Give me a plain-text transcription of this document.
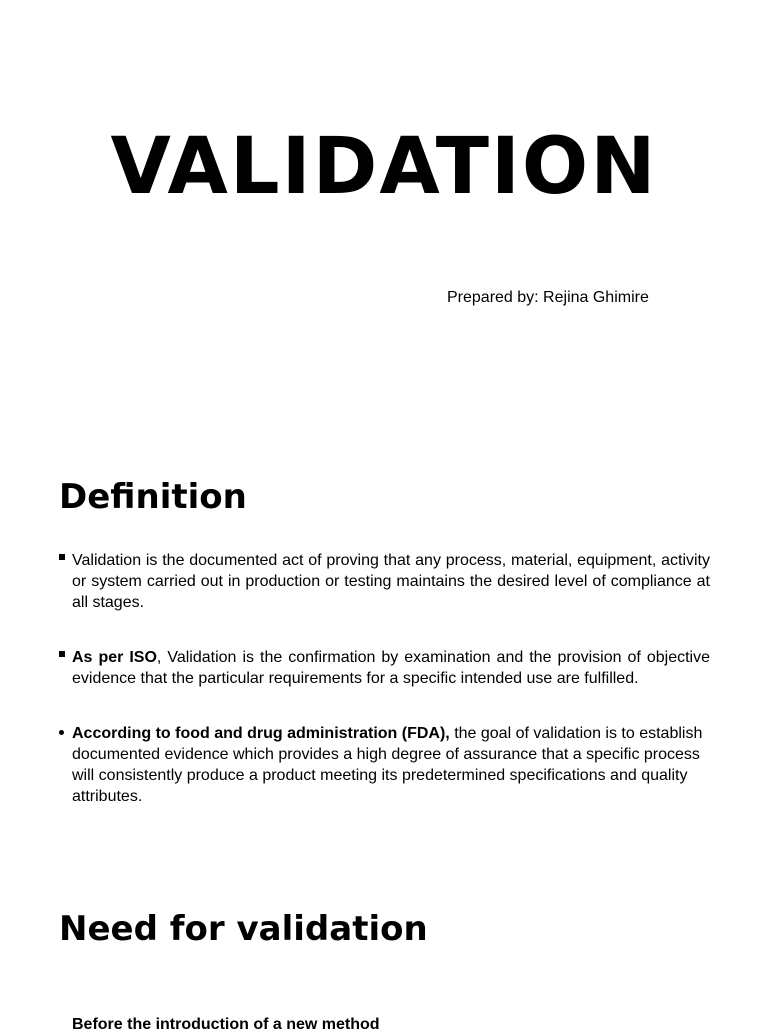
VALIDATION
Prepared by: Rejina Ghimire
Definition
Validation is the documented act of proving that any process, material, equipment, activity or system carried out in production or testing maintains the desired level of compliance at all stages.
As per ISO, Validation is the confirmation by examination and the provision of objective evidence that the particular requirements for a specific intended use are fulfilled.
According to food and drug administration (FDA), the goal of validation is to establish documented evidence which provides a high degree of assurance that a specific process will consistently produce a product meeting its predetermined specifications and quality attributes.
Need for validation
Before the introduction of a new method
